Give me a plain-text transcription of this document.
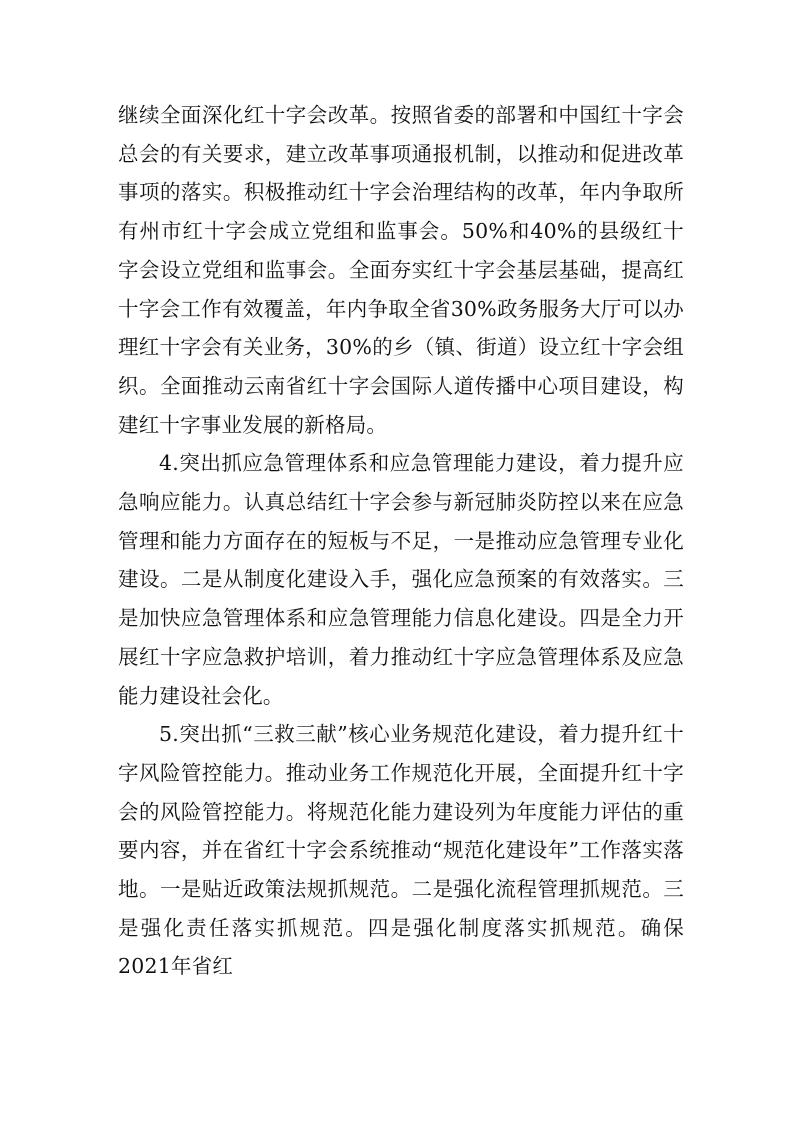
继续全面深化红十字会改革。按照省委的部署和中国红十字会总会的有关要求，建立改革事项通报机制，以推动和促进改革事项的落实。积极推动红十字会治理结构的改革，年内争取所有州市红十字会成立党组和监事会。50%和40%的县级红十字会设立党组和监事会。全面夯实红十字会基层基础，提高红十字会工作有效覆盖，年内争取全省30%政务服务大厅可以办理红十字会有关业务，30%的乡（镇、街道）设立红十字会组织。全面推动云南省红十字会国际人道传播中心项目建设，构建红十字事业发展的新格局。

4.突出抓应急管理体系和应急管理能力建设，着力提升应急响应能力。认真总结红十字会参与新冠肺炎防控以来在应急管理和能力方面存在的短板与不足，一是推动应急管理专业化建设。二是从制度化建设入手，强化应急预案的有效落实。三是加快应急管理体系和应急管理能力信息化建设。四是全力开展红十字应急救护培训，着力推动红十字应急管理体系及应急能力建设社会化。

5.突出抓“三救三献”核心业务规范化建设，着力提升红十字风险管控能力。推动业务工作规范化开展，全面提升红十字会的风险管控能力。将规范化能力建设列为年度能力评估的重要内容，并在省红十字会系统推动“规范化建设年”工作落实落地。一是贴近政策法规抓规范。二是强化流程管理抓规范。三是强化责任落实抓规范。四是强化制度落实抓规范。确保2021年省红
